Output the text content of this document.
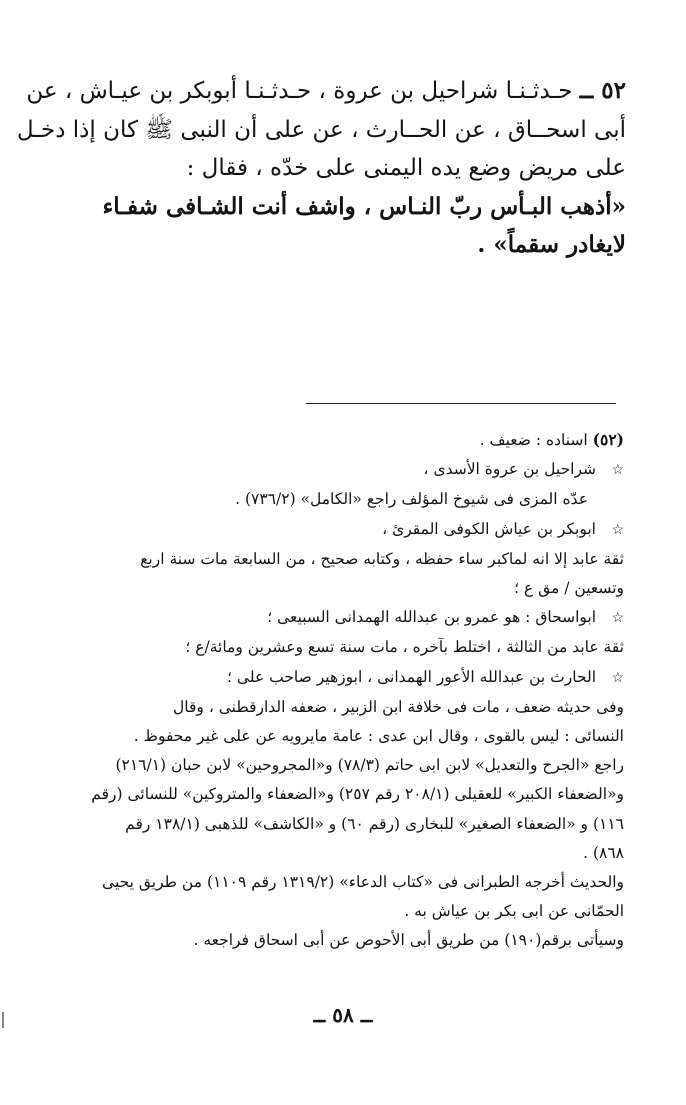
٥٢ ــ حـدثـنـا شراحيل بن عروة ، حـدثـنـا أبوبكر بن عيـاش ، عن
أبى اسحــاق ، عن الحــارث ، عن على أن النبى ﷺ كان إذا دخـل
على مريض وضع يده اليمنى على خدّه ، فقال :
«أذهب البـأس ربّ النـاس ، واشف أنت الشـافى شفـاء
لايغادر سقماً» .
(٥٢) اسناده : ضعيف .
☆شراحيل بن عروة الأسدى ،
عدّه المزى فى شيوخ المؤلف راجع «الكامل» (٧٣٦/٢) .
☆ابوبكر بن عياش الكوفى المقرئ ،
ثقة عابد إلا انه لماكبر ساء حفظه ، وكتابه صحيح ، من السابعة مات سنة اربع
وتسعين / مق ع ؛
☆ابواسحاق : هو عمرو بن عبدالله الهمدانى السبيعى ؛
ثقة عابد من الثالثة ، اختلط بآخره ، مات سنة تسع وعشرين ومائة/ع ؛
☆الحارث بن عبدالله الأعور الهمدانى ، ابوزهير صاحب على ؛
وفى حديثه ضعف ، مات فى خلافة ابن الزبير ، ضعفه الدارقطنى ، وقال
النسائى : ليس بالقوى ، وقال ابن عدى : عامة مايرويه عن على غير محفوظ .
راجع «الجرح والتعديل» لابن ابى حاتم (٧٨/٣) و«المجروحين» لابن حبان (٢١٦/١)
و«الضعفاء الكبير» للعقيلى (٢٠٨/١ رقم ٢٥٧) و«الضعفاء والمتروكين» للنسائى (رقم
١١٦) و «الضعفاء الصغير» للبخارى (رقم ٦٠) و «الكاشف» للذهبى (١٣٨/١ رقم
٨٦٨) .
والحديث أخرجه الطبرانى فى «كتاب الدعاء» (١٣١٩/٢ رقم ١١٠٩) من طريق يحيى
الحمّانى عن ابى بكر بن عياش به .
وسيأتى برقم(١٩٠) من طريق أبى الأحوص عن أبى اسحاق فراجعه .
ــ ٥٨ ــ
